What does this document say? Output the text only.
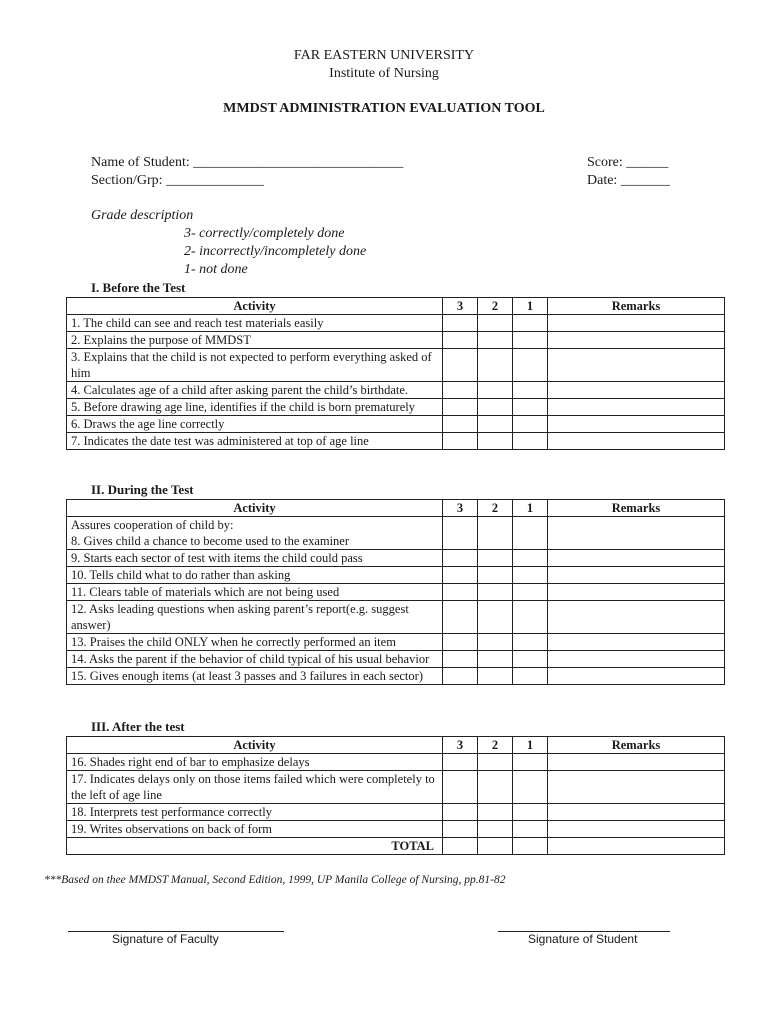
FAR EASTERN UNIVERSITY
Institute of Nursing
MMDST ADMINISTRATION EVALUATION TOOL
Name of Student: ______________________________
Section/Grp: ______________
Score: ______
Date: _______
Grade description
3- correctly/completely done
2- incorrectly/incompletely done
1- not done
I. Before the Test
Activity	3	2	1	Remarks
1. The child can see and reach test materials easily				
2. Explains the purpose of MMDST				
3. Explains that the child is not expected to perform everything asked of him				
4. Calculates age of a child after asking parent the child’s birthdate.				
5. Before drawing age line, identifies if the child is born prematurely				
6. Draws the age line correctly				
7. Indicates the date test was administered at top of age line				
II. During the Test
Activity	3	2	1	Remarks

Assures cooperation of child by:
8. Gives child a chance to become used to the examiner				

9. Starts each sector of test with items the child could pass				
10. Tells child what to do rather than asking				
11. Clears table of materials which are not being used				
12. Asks leading questions when asking parent’s report(e.g. suggest answer)				
13. Praises the child ONLY when he correctly performed an item				
14. Asks the parent if the behavior of child typical of his usual behavior				
15. Gives enough items (at least 3 passes and 3 failures in each sector)				
III. After the test
Activity	3	2	1	Remarks
16. Shades right end of bar to emphasize delays				
17. Indicates delays only on those items failed which were completely to the left of age line				
18. Interprets test performance correctly				
19. Writes observations on back of form				
TOTAL				
***Based on thee MMDST Manual, Second Edition, 1999, UP Manila College of Nursing, pp.81-82
Signature of Faculty	Signature of Student
